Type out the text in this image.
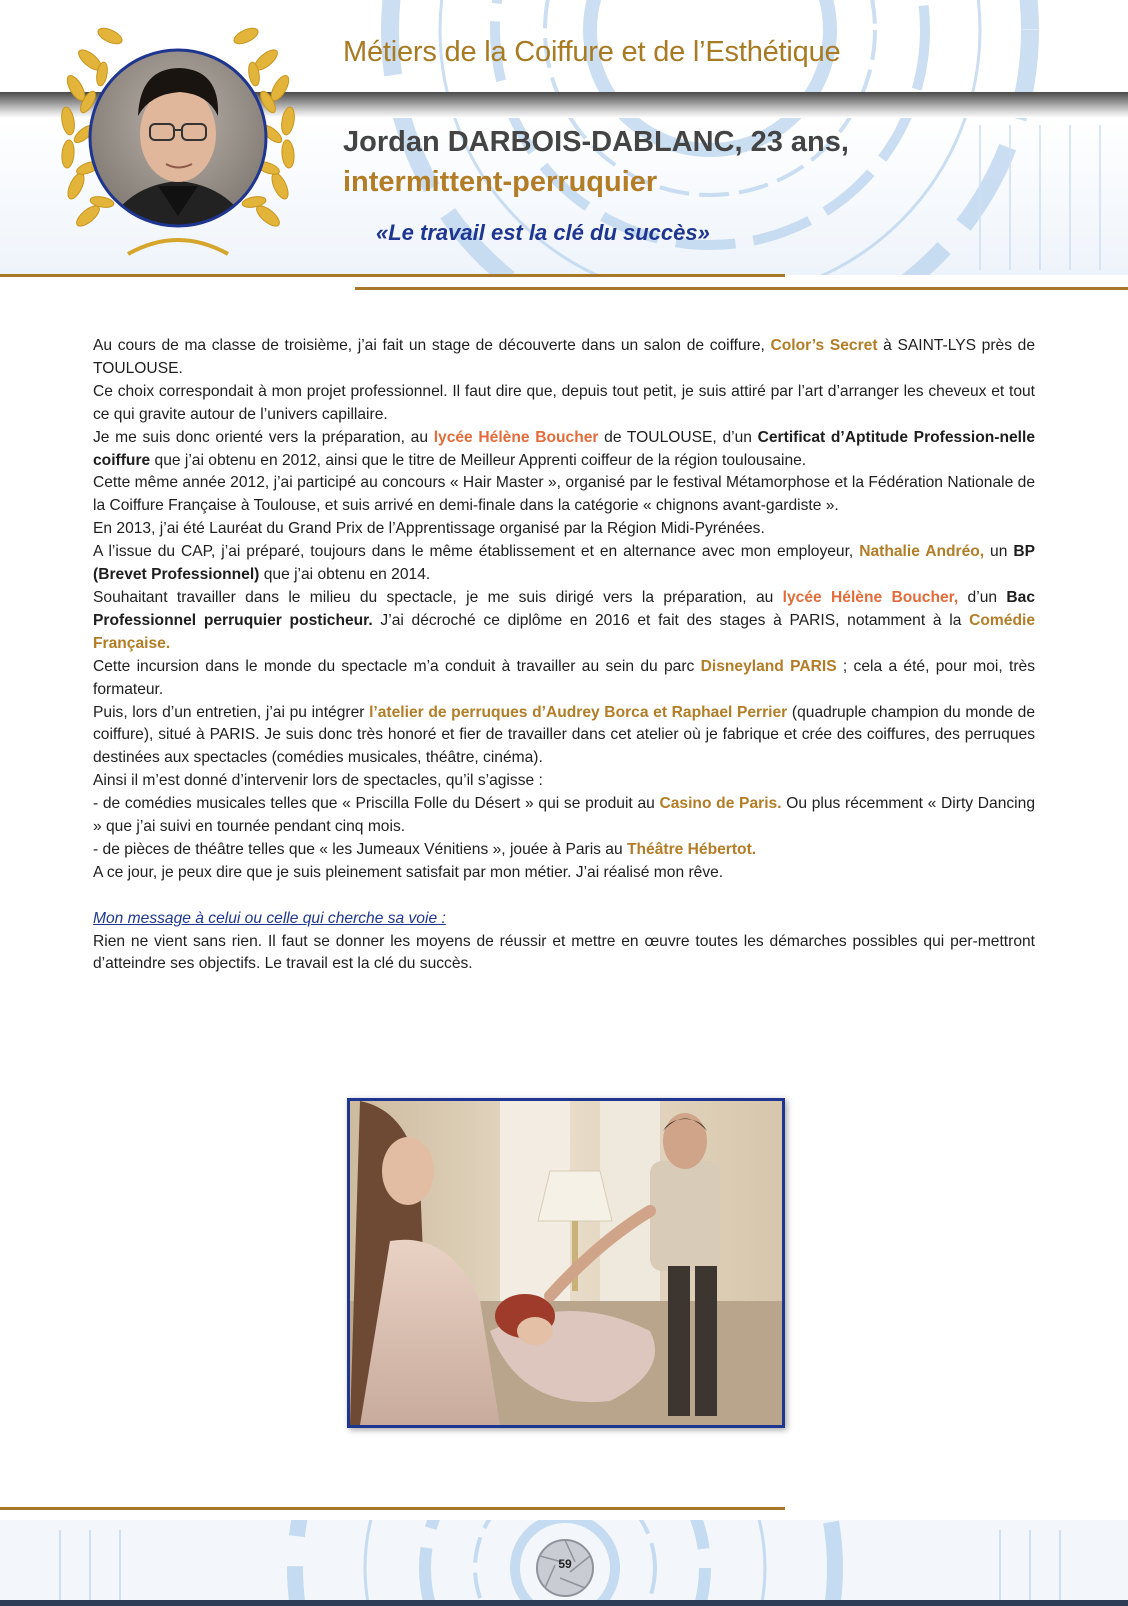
Métiers de la Coiffure et de l’Esthétique
Jordan DARBOIS-DABLANC, 23 ans,
intermittent-perruquier
«Le travail est la clé du succès»

Au cours de ma classe de troisième, j’ai fait un stage de découverte dans un salon de coiffure, Color’s Secret à SAINT-LYS près de TOULOUSE.

Ce choix correspondait à mon projet professionnel. Il faut dire que, depuis tout petit, je suis attiré par l’art d’arranger les cheveux et tout ce qui gravite autour de l’univers capillaire.

Je me suis donc orienté vers la préparation, au lycée Hélène Boucher de TOULOUSE, d’un Certificat d’Aptitude Profession-nelle coiffure que j’ai obtenu en 2012, ainsi que le titre de Meilleur Apprenti coiffeur de la région toulousaine.

Cette même année 2012, j’ai participé au concours « Hair Master », organisé par le festival Métamorphose et la Fédération Nationale de la Coiffure Française à Toulouse, et suis arrivé en demi-finale dans la catégorie « chignons avant-gardiste ».

En 2013, j’ai été Lauréat du Grand Prix de l’Apprentissage organisé par la Région Midi-Pyrénées.

A l’issue du CAP, j’ai préparé, toujours dans le même établissement et en alternance avec mon employeur, Nathalie Andréo, un BP (Brevet Professionnel) que j’ai obtenu en 2014.

Souhaitant travailler dans le milieu du spectacle, je me suis dirigé vers la préparation, au lycée Hélène Boucher, d’un Bac Professionnel perruquier posticheur. J’ai décroché ce diplôme en 2016 et fait des stages à PARIS, notamment à la Comédie Française.

Cette incursion dans le monde du spectacle m’a conduit à travailler au sein du parc Disneyland PARIS ; cela a été, pour moi, très formateur.

Puis, lors d’un entretien, j’ai pu intégrer l’atelier de perruques d’Audrey Borca et Raphael Perrier (quadruple champion du monde de coiffure), situé à PARIS. Je suis donc très honoré et fier de travailler dans cet atelier où je fabrique et crée des coiffures, des perruques destinées aux spectacles (comédies musicales, théâtre, cinéma).

Ainsi il m’est donné d’intervenir lors de spectacles, qu’il s’agisse :

- de comédies musicales telles que « Priscilla Folle du Désert » qui se produit au Casino de Paris. Ou plus récemment « Dirty Dancing » que j’ai suivi en tournée pendant cinq mois.

- de pièces de théâtre telles que « les Jumeaux Vénitiens », jouée à Paris au Théâtre Hébertot.

A ce jour, je peux dire que je suis pleinement satisfait par mon métier. J’ai réalisé mon rêve.

Mon message à celui ou celle qui cherche sa voie :

Rien ne vient sans rien. Il faut se donner les moyens de réussir et mettre en œuvre toutes les démarches possibles qui per-mettront d’atteindre ses objectifs. Le travail est la clé du succès.

59
